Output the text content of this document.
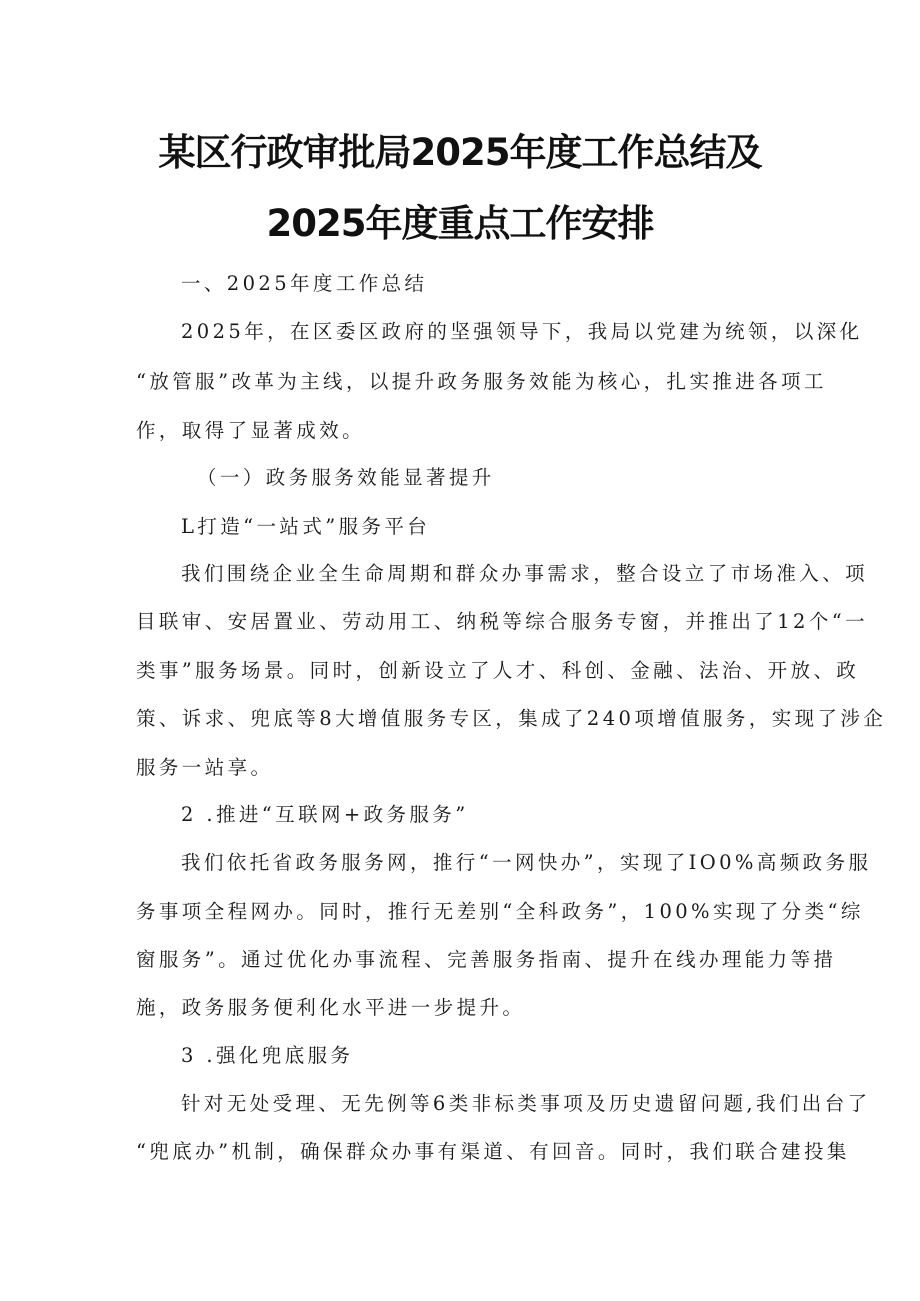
某区行政审批局2025年度工作总结及
2025年度重点工作安排
一、2025年度工作总结
2025年，在区委区政府的坚强领导下，我局以党建为统领，以深化
“放管服”改革为主线，以提升政务服务效能为核心，扎实推进各项工
作，取得了显著成效。
（一）政务服务效能显著提升
L打造“一站式”服务平台
我们围绕企业全生命周期和群众办事需求，整合设立了市场准入、项
目联审、安居置业、劳动用工、纳税等综合服务专窗，并推出了12个“一
类事”服务场景。同时，创新设立了人才、科创、金融、法治、开放、政
策、诉求、兜底等8大增值服务专区，集成了240项增值服务，实现了涉企
服务一站享。
2 .推进“互联网+政务服务”
我们依托省政务服务网，推行“一网快办”，实现了IO0%高频政务服
务事项全程网办。同时，推行无差别“全科政务”，100%实现了分类“综
窗服务”。通过优化办事流程、完善服务指南、提升在线办理能力等措
施，政务服务便利化水平进一步提升。
3 .强化兜底服务
针对无处受理、无先例等6类非标类事项及历史遗留问题,我们出台了
“兜底办”机制，确保群众办事有渠道、有回音。同时，我们联合建投集
